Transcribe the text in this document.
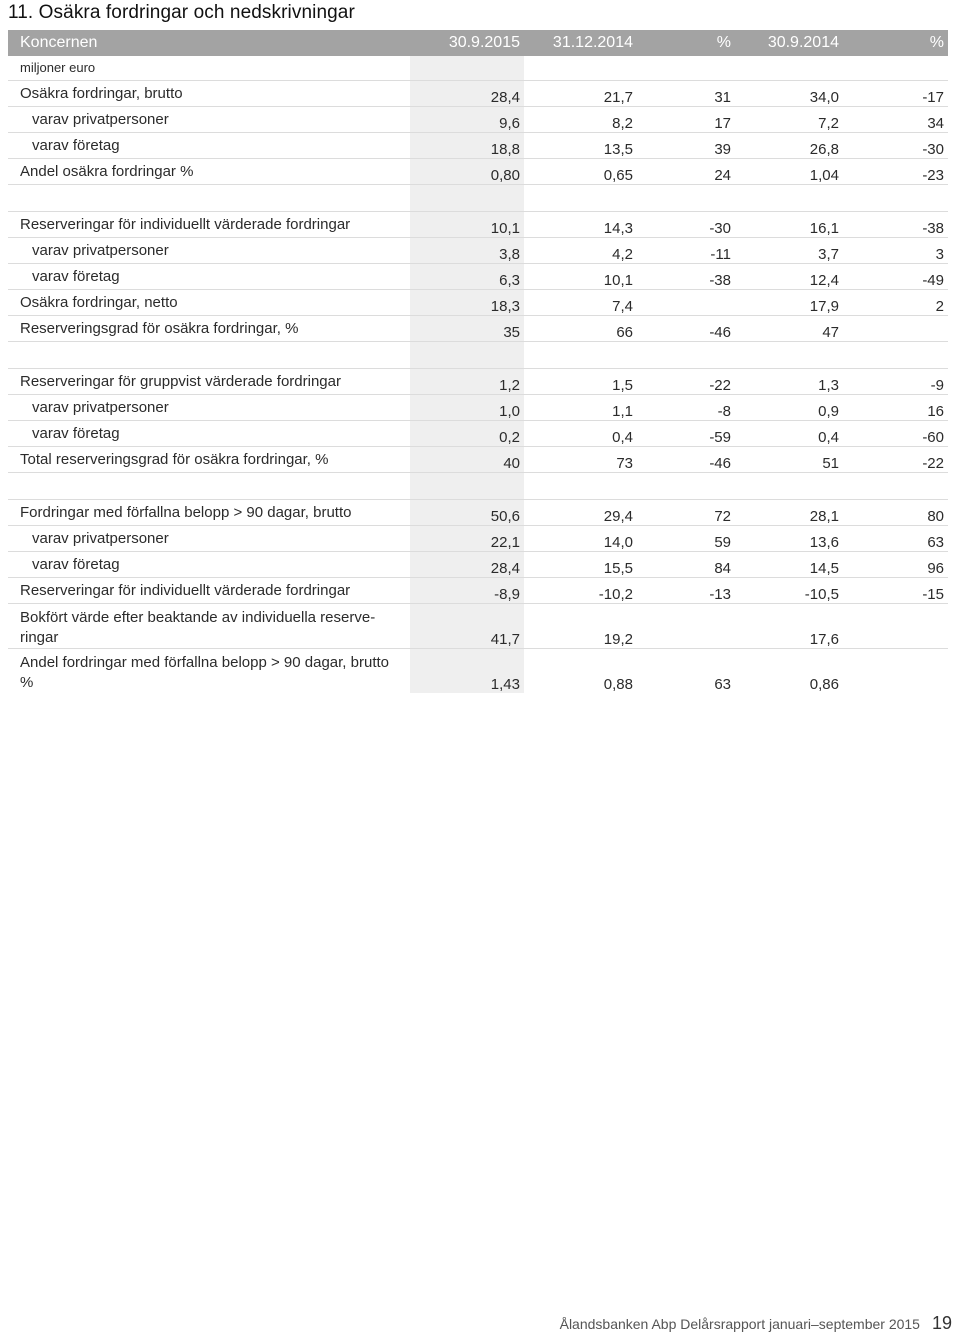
11. Osäkra fordringar och nedskrivningar
Koncernen	30.9.2015	31.12.2014	%	30.9.2014	%
miljoner euro					
Osäkra fordringar, brutto	28,4	21,7	31	34,0	-17
varav privatpersoner	9,6	8,2	17	7,2	34
varav företag	18,8	13,5	39	26,8	-30
Andel osäkra fordringar %	0,80	0,65	24	1,04	-23

Reserveringar för individuellt värderade fordringar	10,1	14,3	-30	16,1	-38
varav privatpersoner	3,8	4,2	-11	3,7	3
varav företag	6,3	10,1	-38	12,4	-49
Osäkra fordringar, netto	18,3	7,4		17,9	2
Reserveringsgrad för osäkra fordringar, %	35	66	-46	47	

Reserveringar för gruppvist värderade fordringar	1,2	1,5	-22	1,3	-9
varav privatpersoner	1,0	1,1	-8	0,9	16
varav företag	0,2	0,4	-59	0,4	-60
Total reserveringsgrad för osäkra fordringar, %	40	73	-46	51	-22

Fordringar med förfallna belopp > 90 dagar, brutto	50,6	29,4	72	28,1	80
varav privatpersoner	22,1	14,0	59	13,6	63
varav företag	28,4	15,5	84	14,5	96
Reserveringar för individuellt värderade fordringar	-8,9	-10,2	-13	-10,5	-15
Bokfört värde efter beaktande av individuella reserve-ringar	41,7	19,2		17,6	
Andel fordringar med förfallna belopp > 90 dagar, brutto %	1,43	0,88	63	0,86	
Ålandsbanken Abp Delårsrapport januari–september 2015 19
